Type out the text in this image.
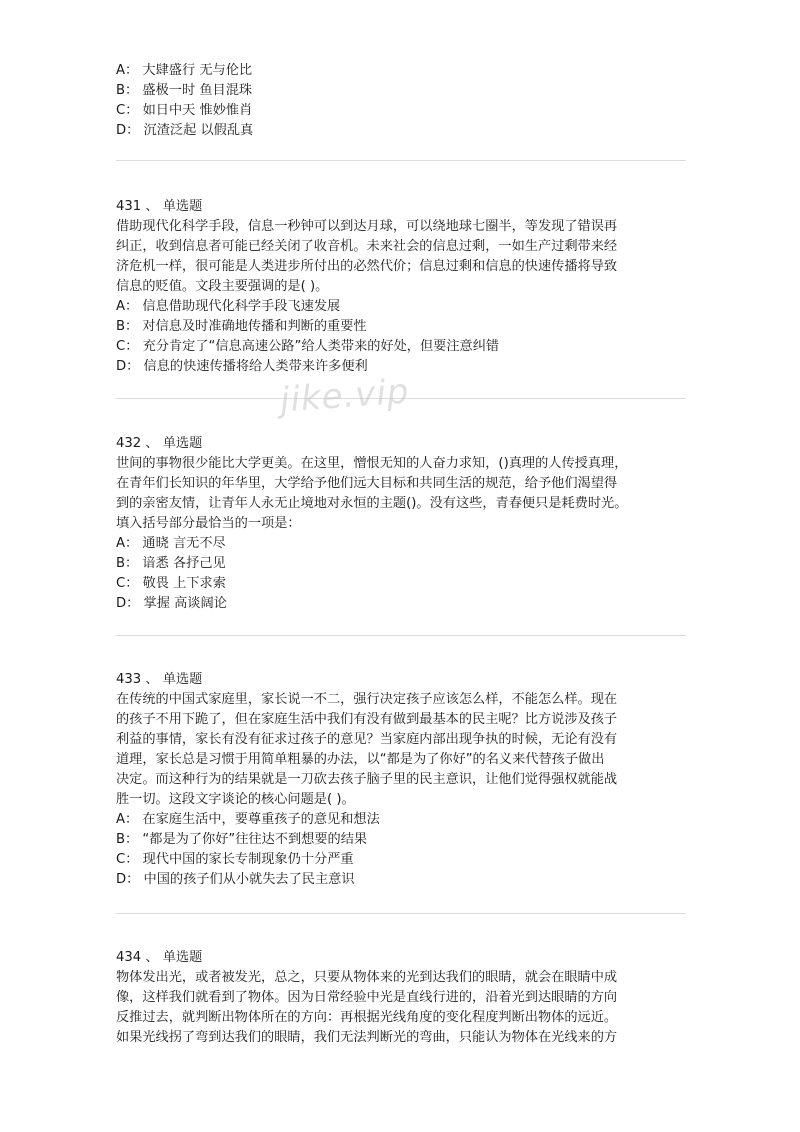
A： 大肆盛行 无与伦比
B： 盛极一时 鱼目混珠
C： 如日中天 惟妙惟肖
D： 沉渣泛起 以假乱真
431 、 单选题
借助现代化科学手段，信息一秒钟可以到达月球，可以绕地球七圈半，等发现了错误再
纠正，收到信息者可能已经关闭了收音机。未来社会的信息过剩，一如生产过剩带来经
济危机一样，很可能是人类进步所付出的必然代价；信息过剩和信息的快速传播将导致
信息的贬值。文段主要强调的是( )。
A： 信息借助现代化科学手段飞速发展
B： 对信息及时准确地传播和判断的重要性
C： 充分肯定了“信息高速公路”给人类带来的好处，但要注意纠错
D： 信息的快速传播将给人类带来许多便利
432 、 单选题
世间的事物很少能比大学更美。在这里，憎恨无知的人奋力求知，()真理的人传授真理，
在青年们长知识的年华里，大学给予他们远大目标和共同生活的规范，给予他们渴望得
到的亲密友情，让青年人永无止境地对永恒的主题()。没有这些，青春便只是耗费时光。
填入括号部分最恰当的一项是：
A： 通晓 言无不尽
B： 谙悉 各抒己见
C： 敬畏 上下求索
D： 掌握 高谈阔论
433 、 单选题
在传统的中国式家庭里，家长说一不二，强行决定孩子应该怎么样，不能怎么样。现在
的孩子不用下跪了，但在家庭生活中我们有没有做到最基本的民主呢？比方说涉及孩子
利益的事情，家长有没有征求过孩子的意见？当家庭内部出现争执的时候，无论有没有
道理，家长总是习惯于用简单粗暴的办法，以“都是为了你好”的名义来代替孩子做出
决定。而这种行为的结果就是一刀砍去孩子脑子里的民主意识，让他们觉得强权就能战
胜一切。这段文字谈论的核心问题是( )。
A： 在家庭生活中，要尊重孩子的意见和想法
B： “都是为了你好”往往达不到想要的结果
C： 现代中国的家长专制现象仍十分严重
D： 中国的孩子们从小就失去了民主意识
434 、 单选题
物体发出光，或者被发光，总之，只要从物体来的光到达我们的眼睛，就会在眼睛中成
像，这样我们就看到了物体。因为日常经验中光是直线行进的，沿着光到达眼睛的方向
反推过去，就判断出物体所在的方向：再根据光线角度的变化程度判断出物体的远近。
如果光线拐了弯到达我们的眼睛，我们无法判断光的弯曲，只能认为物体在光线来的方
jike.vip
